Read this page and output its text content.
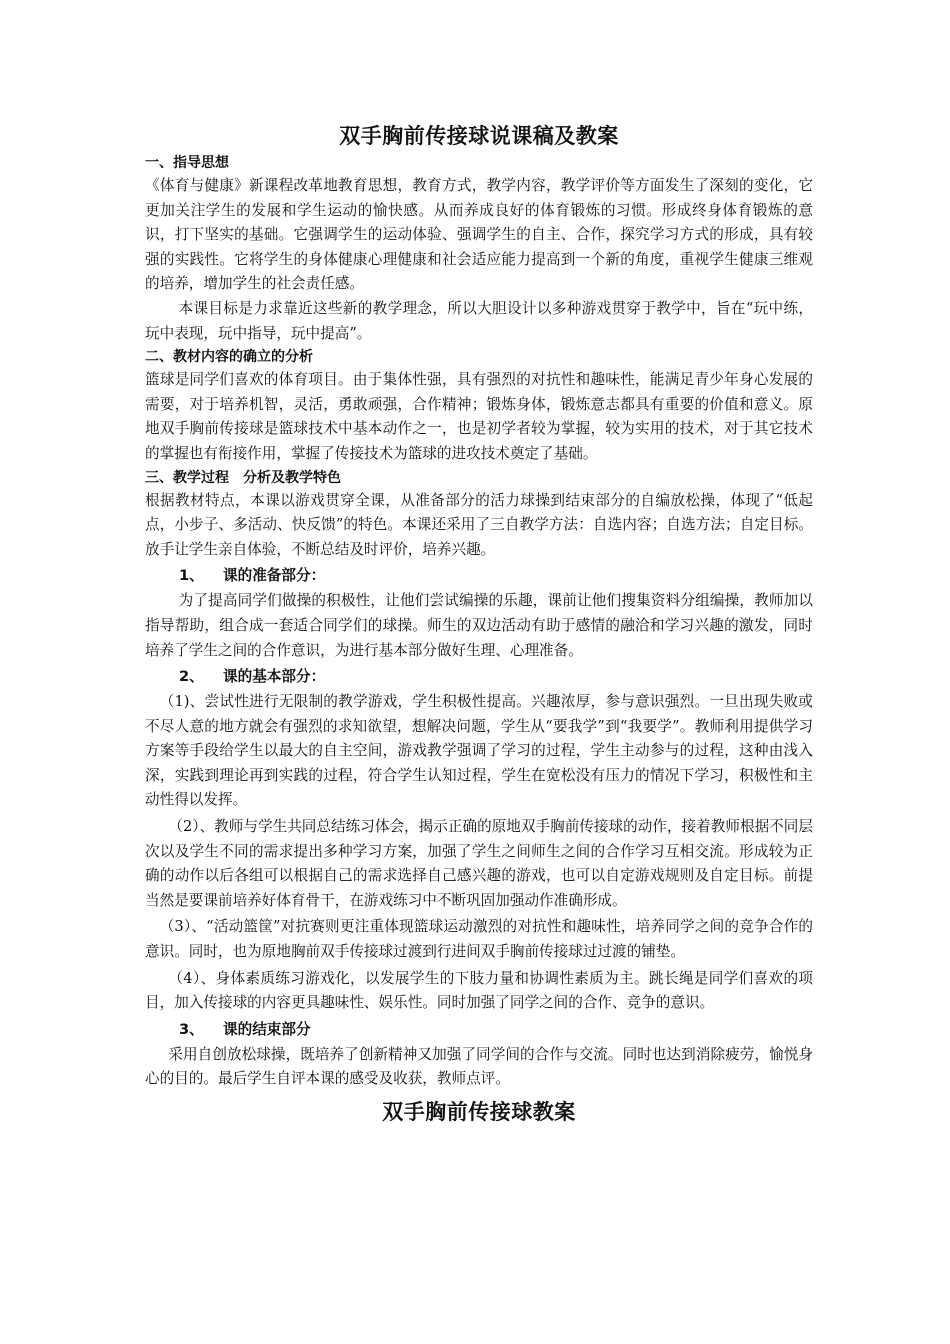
双手胸前传接球说课稿及教案

一、指导思想

《体育与健康》新课程改革地教育思想，教育方式，教学内容，教学评价等方面发生了深刻的变化，它更加关注学生的发展和学生运动的愉快感。从而养成良好的体育锻炼的习惯。形成终身体育锻炼的意识，打下坚实的基础。它强调学生的运动体验、强调学生的自主、合作，探究学习方式的形成，具有较强的实践性。它将学生的身体健康心理健康和社会适应能力提高到一个新的角度，重视学生健康三维观的培养，增加学生的社会责任感。

本课目标是力求靠近这些新的教学理念，所以大胆设计以多种游戏贯穿于教学中，旨在“玩中练，玩中表现，玩中指导，玩中提高”。

二、教材内容的确立的分析

篮球是同学们喜欢的体育项目。由于集体性强，具有强烈的对抗性和趣味性，能满足青少年身心发展的需要，对于培养机智，灵活，勇敢顽强，合作精神；锻炼身体，锻炼意志都具有重要的价值和意义。原地双手胸前传接球是篮球技术中基本动作之一，也是初学者较为掌握，较为实用的技术，对于其它技术的掌握也有衔接作用，掌握了传接技术为篮球的进攻技术奠定了基础。

三、教学过程　分析及教学特色

根据教材特点，本课以游戏贯穿全课，从准备部分的活力球操到结束部分的自编放松操，体现了“低起点，小步子、多活动、快反馈”的特色。本课还采用了三自教学方法：自选内容；自选方法；自定目标。放手让学生亲自体验，不断总结及时评价，培养兴趣。

1、 课的准备部分：

为了提高同学们做操的积极性，让他们尝试编操的乐趣，课前让他们搜集资料分组编操，教师加以指导帮助，组合成一套适合同学们的球操。师生的双边活动有助于感情的融洽和学习兴趣的激发，同时培养了学生之间的合作意识，为进行基本部分做好生理、心理准备。

2、 课的基本部分：

（1)、尝试性进行无限制的教学游戏，学生积极性提高。兴趣浓厚，参与意识强烈。一旦出现失败或不尽人意的地方就会有强烈的求知欲望，想解决问题，学生从“要我学”到“我要学”。教师利用提供学习方案等手段给学生以最大的自主空间，游戏教学强调了学习的过程，学生主动参与的过程，这种由浅入深，实践到理论再到实践的过程，符合学生认知过程，学生在宽松没有压力的情况下学习，积极性和主动性得以发挥。

（2）、教师与学生共同总结练习体会，揭示正确的原地双手胸前传接球的动作，接着教师根据不同层次以及学生不同的需求提出多种学习方案，加强了学生之间师生之间的合作学习互相交流。形成较为正确的动作以后各组可以根据自己的需求选择自己感兴趣的游戏，也可以自定游戏规则及自定目标。前提当然是要课前培养好体育骨干，在游戏练习中不断巩固加强动作准确形成。

（3）、“活动篮筐”对抗赛则更注重体现篮球运动激烈的对抗性和趣味性，培养同学之间的竞争合作的意识。同时，也为原地胸前双手传接球过渡到行进间双手胸前传接球过过渡的铺垫。

（4）、身体素质练习游戏化，以发展学生的下肢力量和协调性素质为主。跳长绳是同学们喜欢的项目，加入传接球的内容更具趣味性、娱乐性。同时加强了同学之间的合作、竞争的意识。

3、 课的结束部分

采用自创放松球操，既培养了创新精神又加强了同学间的合作与交流。同时也达到消除疲劳，愉悦身心的目的。最后学生自评本课的感受及收获，教师点评。

双手胸前传接球教案
